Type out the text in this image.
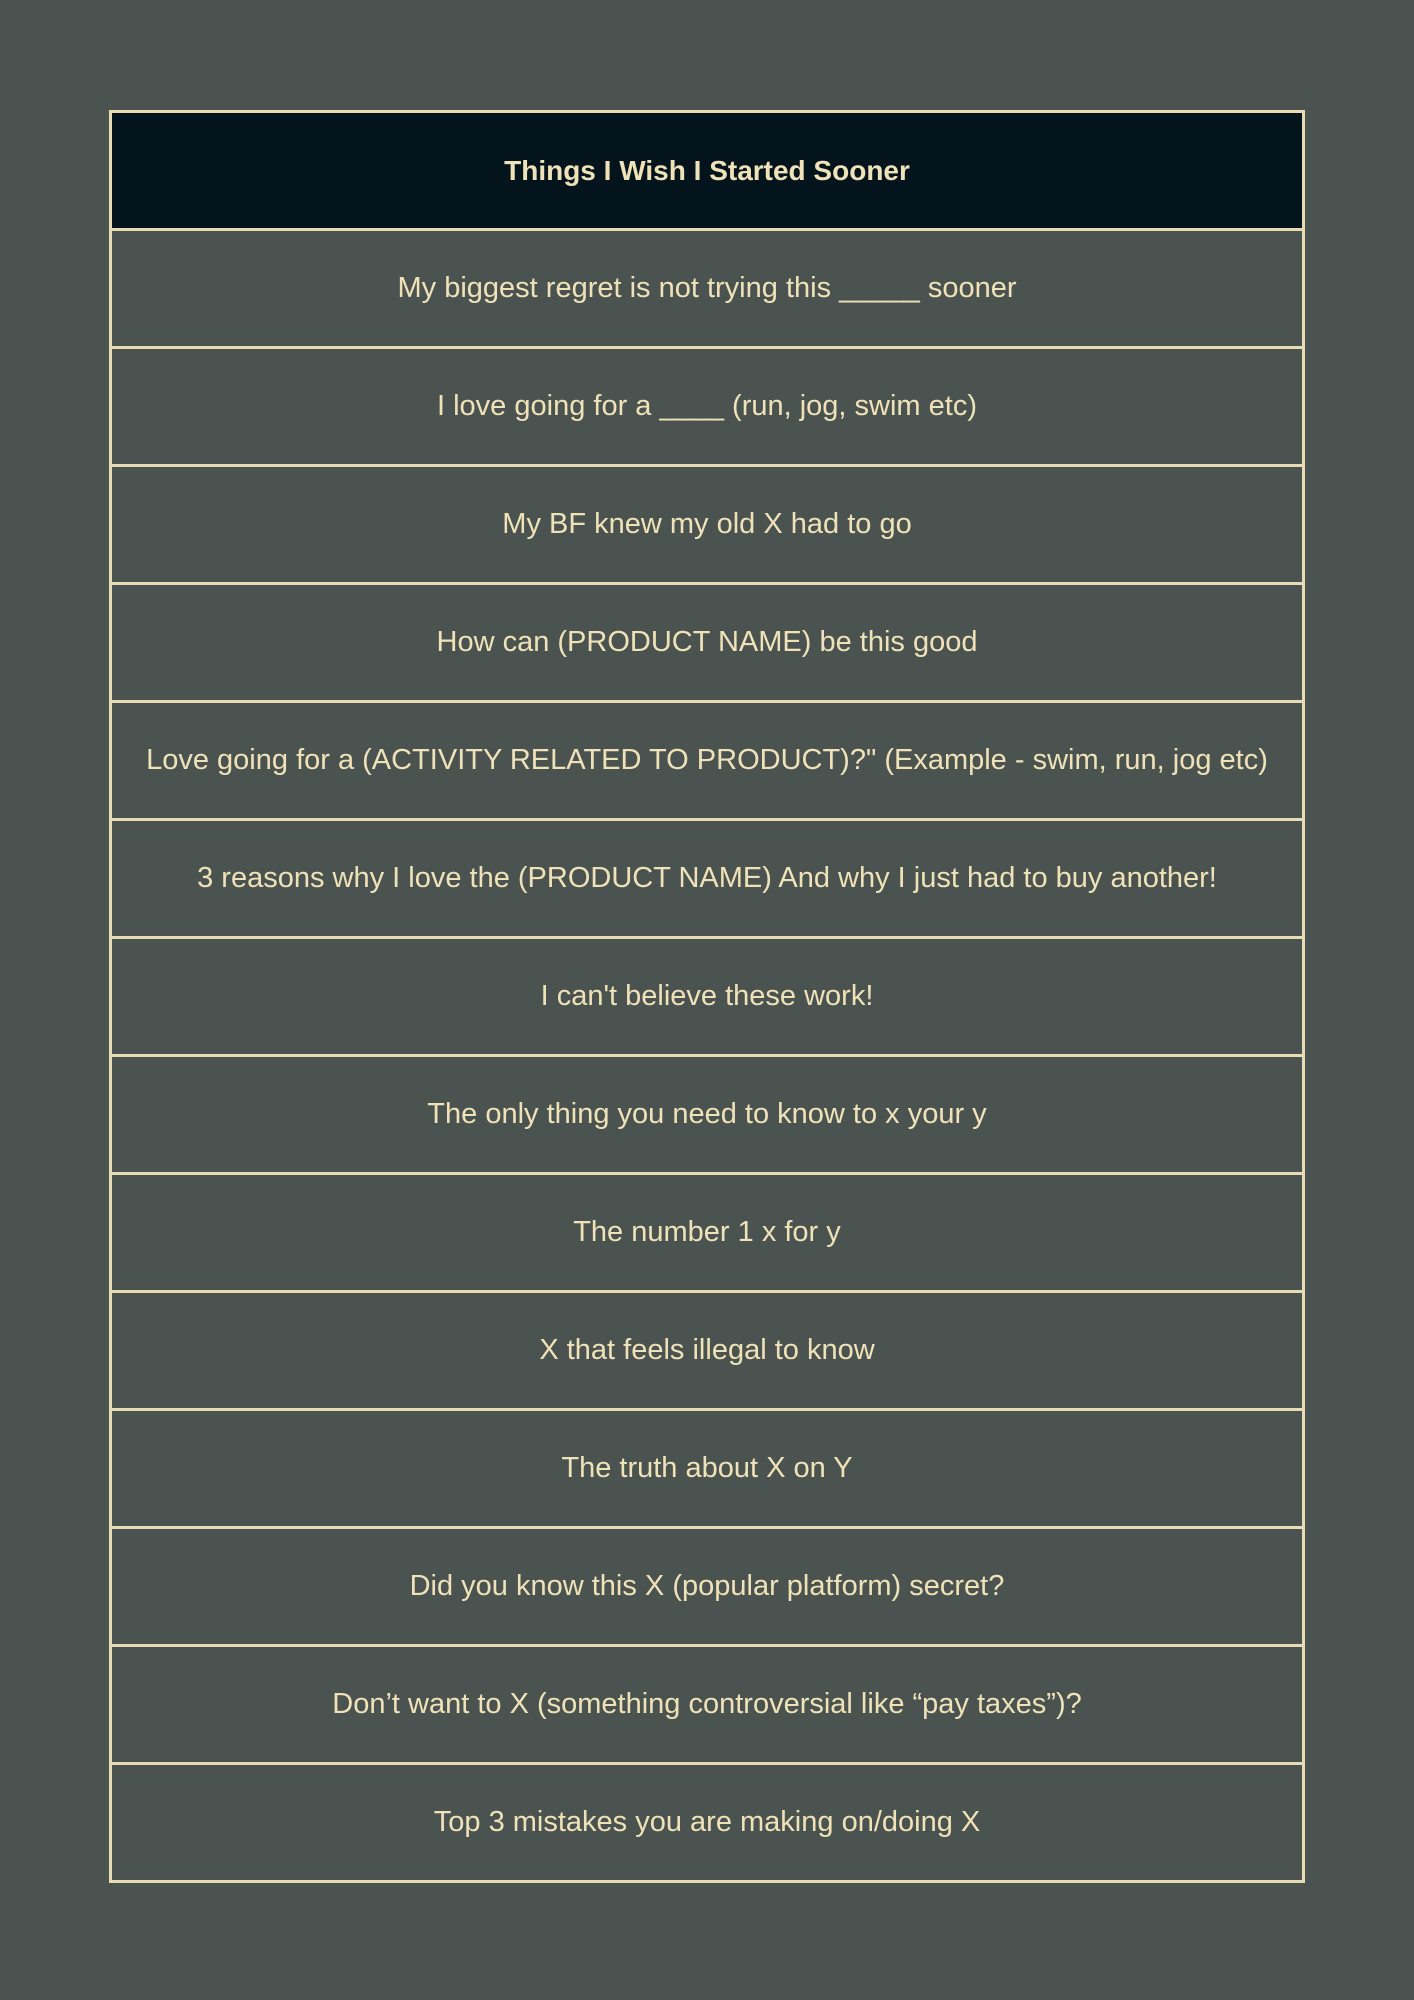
Things I Wish I Started Sooner
My biggest regret is not trying this _____ sooner
I love going for a ____ (run, jog, swim etc)
My BF knew my old X had to go
How can (PRODUCT NAME) be this good
Love going for a (ACTIVITY RELATED TO PRODUCT)?" (Example - swim, run, jog etc)
3 reasons why I love the (PRODUCT NAME) And why I just had to buy another!
I can't believe these work!
The only thing you need to know to x your y
The number 1 x for y
X that feels illegal to know
The truth about X on Y
Did you know this X (popular platform) secret?
Don’t want to X (something controversial like “pay taxes”)?
Top 3 mistakes you are making on/doing X
